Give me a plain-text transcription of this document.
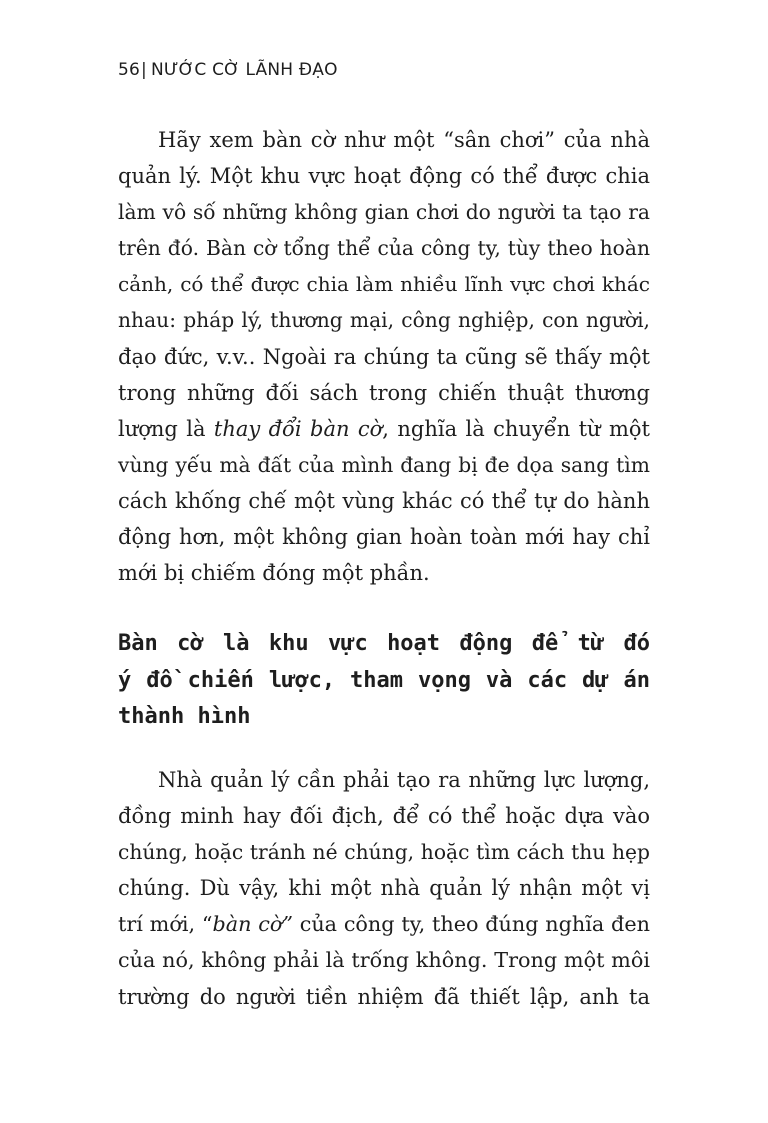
56| NƯỚC CỜ LÃNH ĐẠO

Hãy xem bàn cờ như một “sân chơi” của nhà
quản lý. Một khu vực hoạt động có thể được chia
làm vô số những không gian chơi do người ta tạo ra
trên đó. Bàn cờ tổng thể của công ty, tùy theo hoàn
cảnh, có thể được chia làm nhiều lĩnh vực chơi khác
nhau: pháp lý, thương mại, công nghiệp, con người,
đạo đức, v.v.. Ngoài ra chúng ta cũng sẽ thấy một
trong những đối sách trong chiến thuật thương
lượng là thay đổi bàn cờ, nghĩa là chuyển từ một
vùng yếu mà đất của mình đang bị đe dọa sang tìm
cách khống chế một vùng khác có thể tự do hành
động hơn, một không gian hoàn toàn mới hay chỉ
mới bị chiếm đóng một phần.

Bàn cờ là khu vực hoạt động để từ đó
ý đồ chiến lược, tham vọng và các dự án
thành hình

Nhà quản lý cần phải tạo ra những lực lượng,
đồng minh hay đối địch, để có thể hoặc dựa vào
chúng, hoặc tránh né chúng, hoặc tìm cách thu hẹp
chúng. Dù vậy, khi một nhà quản lý nhận một vị
trí mới, “bàn cờ” của công ty, theo đúng nghĩa đen
của nó, không phải là trống không. Trong một môi
trường do người tiền nhiệm đã thiết lập, anh ta
